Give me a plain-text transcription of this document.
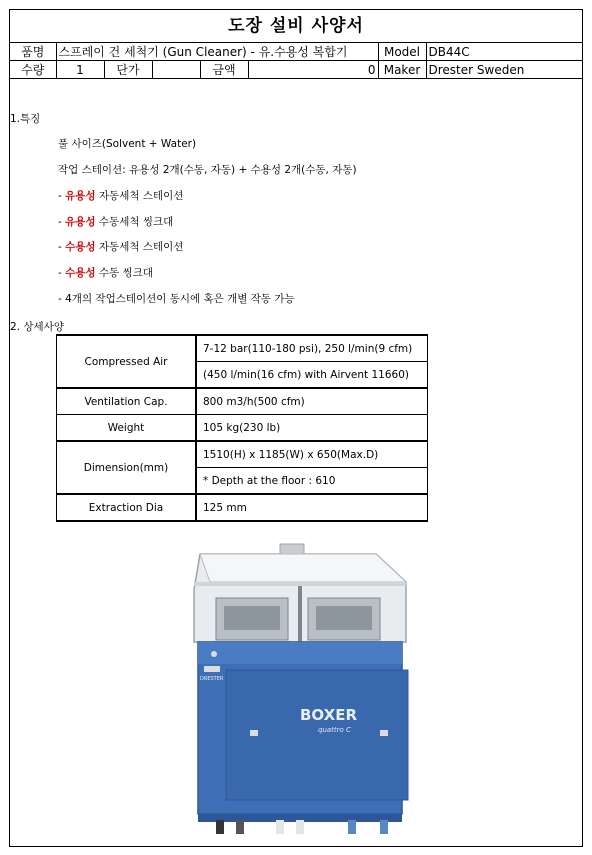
도장 설비 사양서
품명	스프레이 건 세척기 (Gun Cleaner) - 유.수용성 복합기					Model	DB44C
수량	1	단가		금액	0	Maker	Drester Sweden
1.특징
풀 사이즈(Solvent + Water)
작업 스테이션: 유용성 2개(수동, 자동) + 수용성 2개(수동, 자동)
- 유용성 자동세척 스테이션
- 유용성 수동세척 씽크대
- 수용성 자동세척 스테이션
- 수용성 수동 씽크대
- 4개의 작업스테이션이 동시에 혹은 개별 작동 가능
2. 상세사양
Compressed Air	7-12 bar(110-180 psi), 250 l/min(9 cfm)
	(450 l/min(16 cfm) with Airvent 11660)
Ventilation Cap.	800 m3/h(500 cfm)
Weight	105 kg(230 lb)
Dimension(mm)	1510(H) x 1185(W) x 650(Max.D)
	* Depth at the floor : 610
Extraction Dia	125 mm
BOXER
quattro C
DRESTER
